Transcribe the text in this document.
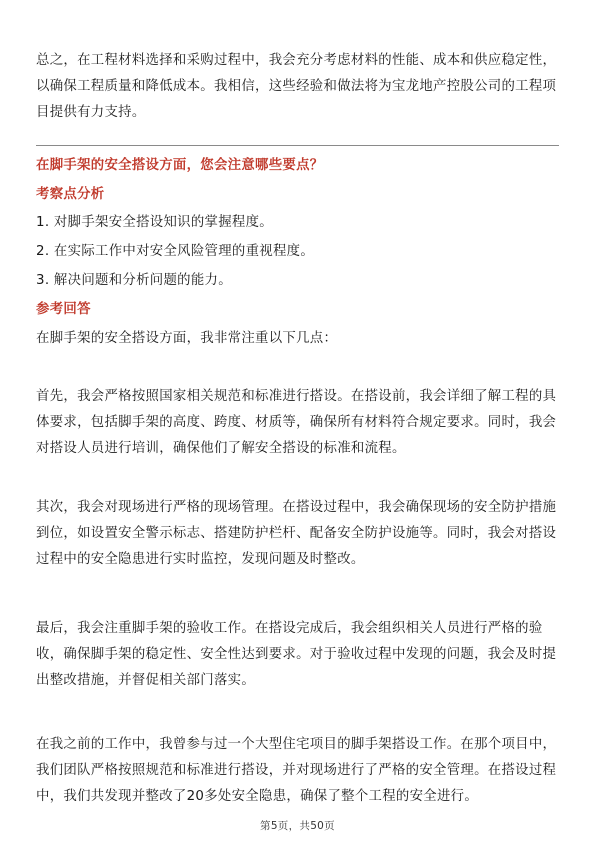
总之，在工程材料选择和采购过程中，我会充分考虑材料的性能、成本和供应稳定性，以确保工程质量和降低成本。我相信，这些经验和做法将为宝龙地产控股公司的工程项目提供有力支持。

在脚手架的安全搭设方面，您会注意哪些要点？

考察点分析

1. 对脚手架安全搭设知识的掌握程度。
2. 在实际工作中对安全风险管理的重视程度。
3. 解决问题和分析问题的能力。

参考回答

在脚手架的安全搭设方面，我非常注重以下几点：

首先，我会严格按照国家相关规范和标准进行搭设。在搭设前，我会详细了解工程的具体要求，包括脚手架的高度、跨度、材质等，确保所有材料符合规定要求。同时，我会对搭设人员进行培训，确保他们了解安全搭设的标准和流程。

其次，我会对现场进行严格的现场管理。在搭设过程中，我会确保现场的安全防护措施到位，如设置安全警示标志、搭建防护栏杆、配备安全防护设施等。同时，我会对搭设过程中的安全隐患进行实时监控，发现问题及时整改。

最后，我会注重脚手架的验收工作。在搭设完成后，我会组织相关人员进行严格的验收，确保脚手架的稳定性、安全性达到要求。对于验收过程中发现的问题，我会及时提出整改措施，并督促相关部门落实。

在我之前的工作中，我曾参与过一个大型住宅项目的脚手架搭设工作。在那个项目中，我们团队严格按照规范和标准进行搭设，并对现场进行了严格的安全管理。在搭设过程中，我们共发现并整改了20多处安全隐患，确保了整个工程的安全进行。

第5页，共50页
